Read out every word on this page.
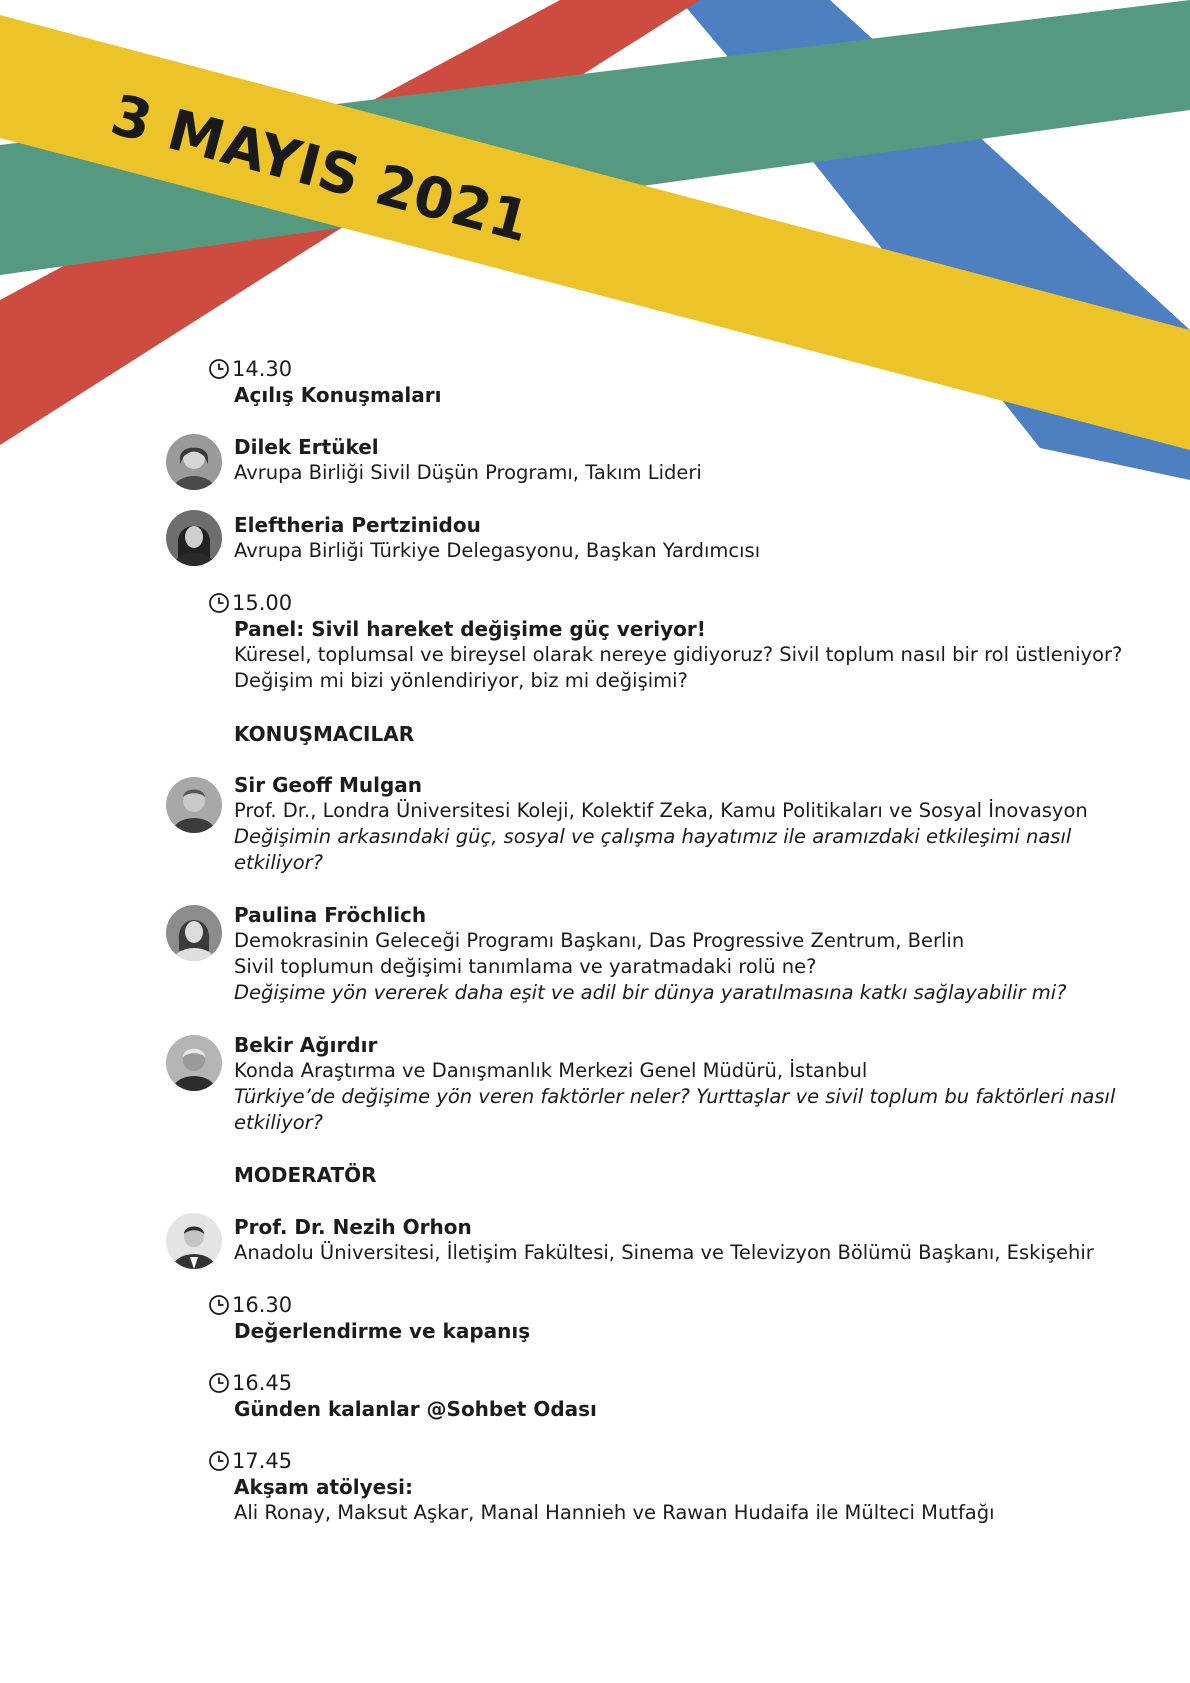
3 MAYIS 2021
14.30
Açılış Konuşmaları
Dilek Ertükel
Avrupa Birliği Sivil Düşün Programı, Takım Lideri
Eleftheria Pertzinidou
Avrupa Birliği Türkiye Delegasyonu, Başkan Yardımcısı
15.00
Panel: Sivil hareket değişime güç veriyor!
Küresel, toplumsal ve bireysel olarak nereye gidiyoruz? Sivil toplum nasıl bir rol üstleniyor?
Değişim mi bizi yönlendiriyor, biz mi değişimi?
KONUŞMACILAR
Sir Geoff Mulgan
Prof. Dr., Londra Üniversitesi Koleji, Kolektif Zeka, Kamu Politikaları ve Sosyal İnovasyon
Değişimin arkasındaki güç, sosyal ve çalışma hayatımız ile aramızdaki etkileşimi nasıl
etkiliyor?
Paulina Fröchlich
Demokrasinin Geleceği Programı Başkanı, Das Progressive Zentrum, Berlin
Sivil toplumun değişimi tanımlama ve yaratmadaki rolü ne?
Değişime yön vererek daha eşit ve adil bir dünya yaratılmasına katkı sağlayabilir mi?
Bekir Ağırdır
Konda Araştırma ve Danışmanlık Merkezi Genel Müdürü, İstanbul
Türkiye’de değişime yön veren faktörler neler? Yurttaşlar ve sivil toplum bu faktörleri nasıl
etkiliyor?
MODERATÖR
Prof. Dr. Nezih Orhon
Anadolu Üniversitesi, İletişim Fakültesi, Sinema ve Televizyon Bölümü Başkanı, Eskişehir
16.30
Değerlendirme ve kapanış
16.45
Günden kalanlar @Sohbet Odası
17.45
Akşam atölyesi:
Ali Ronay, Maksut Aşkar, Manal Hannieh ve Rawan Hudaifa ile Mülteci Mutfağı
